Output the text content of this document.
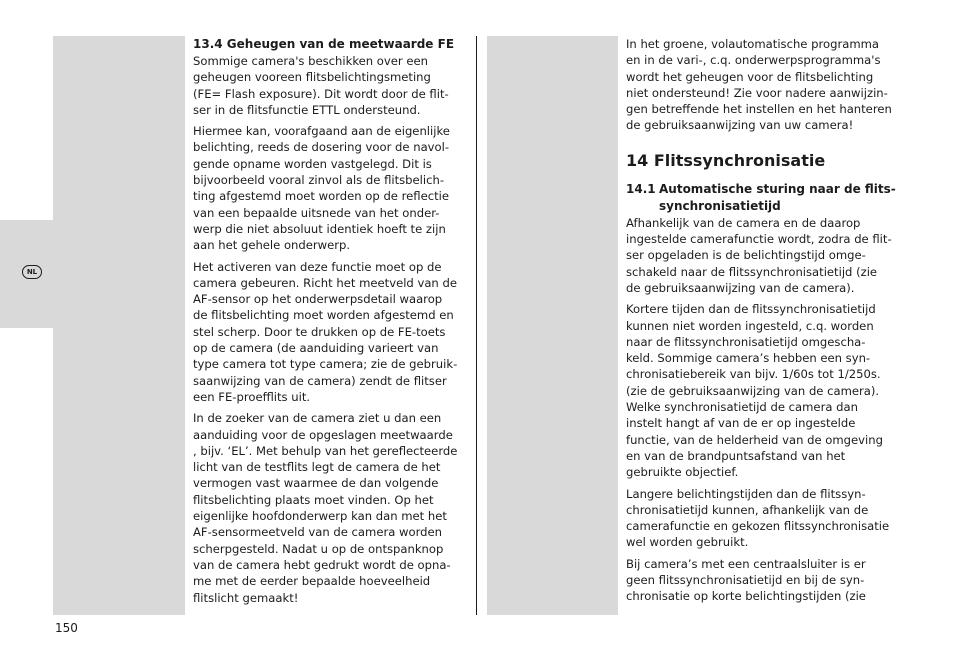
NL
150
13.4 Geheugen van de meetwaarde FE

Sommige camera's beschikken over een
geheugen vooreen flitsbelichtingsmeting
(FE= Flash exposure). Dit wordt door de flit-
ser in de flitsfunctie ETTL ondersteund.

Hiermee kan, voorafgaand aan de eigenlijke
belichting, reeds de dosering voor de navol-
gende opname worden vastgelegd. Dit is
bijvoorbeeld vooral zinvol als de flitsbelich-
ting afgestemd moet worden op de reflectie
van een bepaalde uitsnede van het onder-
werp die niet absoluut identiek hoeft te zijn
aan het gehele onderwerp.

Het activeren van deze functie moet op de
camera gebeuren. Richt het meetveld van de
AF-sensor op het onderwerpsdetail waarop
de flitsbelichting moet worden afgestemd en
stel scherp. Door te drukken op de FE-toets
op de camera (de aanduiding varieert van
type camera tot type camera; zie de gebruik-
saanwijzing van de camera) zendt de flitser
een FE-proefflits uit.

In de zoeker van de camera ziet u dan een
aanduiding voor de opgeslagen meetwaarde
, bijv. ‘EL’. Met behulp van het gereflecteerde
licht van de testflits legt de camera de het
vermogen vast waarmee de dan volgende
flitsbelichting plaats moet vinden. Op het
eigenlijke hoofdonderwerp kan dan met het
AF-sensormeetveld van de camera worden
scherpgesteld. Nadat u op de ontspanknop
van de camera hebt gedrukt wordt de opna-
me met de eerder bepaalde hoeveelheid
flitslicht gemaakt!

In het groene, volautomatische programma
en in de vari-, c.q. onderwerpsprogramma's
wordt het geheugen voor de flitsbelichting
niet ondersteund! Zie voor nadere aanwijzin-
gen betreffende het instellen en het hanteren
de gebruiksaanwijzing van uw camera!

14 Flitssynchronisatie
14.1 Automatische sturing naar de flits-
synchronisatietijd

Afhankelijk van de camera en de daarop
ingestelde camerafunctie wordt, zodra de flit-
ser opgeladen is de belichtingstijd omge-
schakeld naar de flitssynchronisatietijd (zie
de gebruiksaanwijzing van de camera).

Kortere tijden dan de flitssynchronisatietijd
kunnen niet worden ingesteld, c.q. worden
naar de flitssynchronisatietijd omgescha-
keld. Sommige camera’s hebben een syn-
chronisatiebereik van bijv. 1/60s tot 1/250s.
(zie de gebruiksaanwijzing van de camera).
Welke synchronisatietijd de camera dan
instelt hangt af van de er op ingestelde
functie, van de helderheid van de omgeving
en van de brandpuntsafstand van het
gebruikte objectief.

Langere belichtingstijden dan de flitssyn-
chronisatietijd kunnen, afhankelijk van de
camerafunctie en gekozen flitssynchronisatie
wel worden gebruikt.

Bij camera’s met een centraalsluiter is er
geen flitssynchronisatietijd en bij de syn-
chronisatie op korte belichtingstijden (zie
